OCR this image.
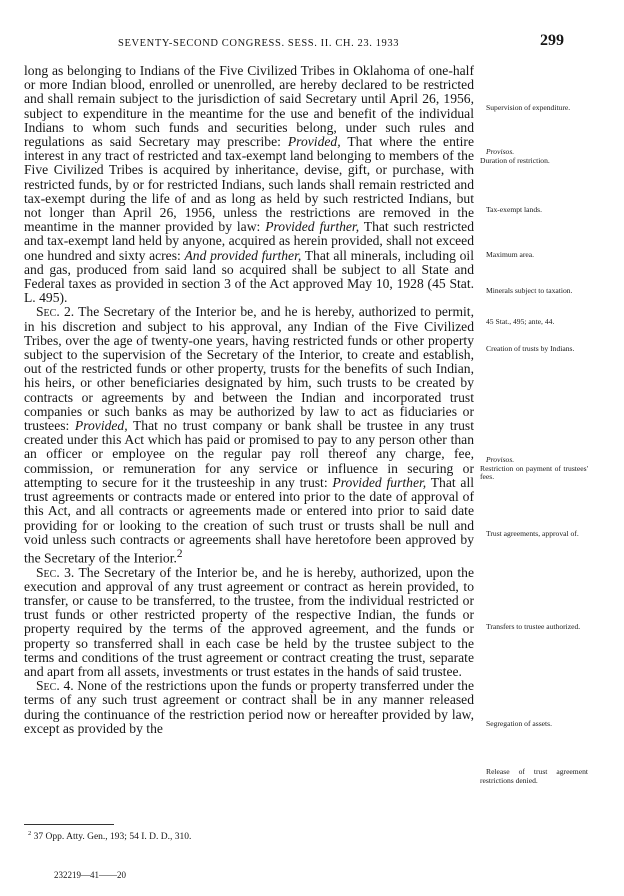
SEVENTY-SECOND CONGRESS. SESS. II. CH. 23. 1933	299

long as belonging to Indians of the Five Civilized Tribes in Oklahoma of one-half or more Indian blood, enrolled or unenrolled, are hereby declared to be restricted and shall remain subject to the jurisdiction of said Secretary until April 26, 1956, subject to expenditure in the meantime for the use and benefit of the individual Indians to whom such funds and securities belong, under such rules and regulations as said Secretary may prescribe: Provided, That where the entire interest in any tract of restricted and tax-exempt land belonging to members of the Five Civilized Tribes is acquired by inheritance, devise, gift, or purchase, with restricted funds, by or for restricted Indians, such lands shall remain restricted and tax-exempt during the life of and as long as held by such restricted Indians, but not longer than April 26, 1956, unless the restrictions are removed in the meantime in the manner provided by law: Provided further, That such restricted and tax-exempt land held by anyone, acquired as herein provided, shall not exceed one hundred and sixty acres: And provided further, That all minerals, including oil and gas, produced from said land so acquired shall be subject to all State and Federal taxes as provided in section 3 of the Act approved May 10, 1928 (45 Stat. L. 495).

Sec. 2. The Secretary of the Interior be, and he is hereby, authorized to permit, in his discretion and subject to his approval, any Indian of the Five Civilized Tribes, over the age of twenty-one years, having restricted funds or other property subject to the supervision of the Secretary of the Interior, to create and establish, out of the restricted funds or other property, trusts for the benefits of such Indian, his heirs, or other beneficiaries designated by him, such trusts to be created by contracts or agreements by and between the Indian and incorporated trust companies or such banks as may be authorized by law to act as fiduciaries or trustees: Provided, That no trust company or bank shall be trustee in any trust created under this Act which has paid or promised to pay to any person other than an officer or employee on the regular pay roll thereof any charge, fee, commission, or remuneration for any service or influence in securing or attempting to secure for it the trusteeship in any trust: Provided further, That all trust agreements or contracts made or entered into prior to the date of approval of this Act, and all contracts or agreements made or entered into prior to said date providing for or looking to the creation of such trust or trusts shall be null and void unless such contracts or agreements shall have heretofore been approved by the Secretary of the Interior.$^2$

Sec. 3. The Secretary of the Interior be, and he is hereby, authorized, upon the execution and approval of any trust agreement or contract as herein provided, to transfer, or cause to be transferred, to the trustee, from the individual restricted or trust funds or other restricted property of the respective Indian, the funds or property required by the terms of the approved agreement, and the funds or property so transferred shall in each case be held by the trustee subject to the terms and conditions of the trust agreement or contract creating the trust, separate and apart from all assets, investments or trust estates in the hands of said trustee.

Sec. 4. None of the restrictions upon the funds or property transferred under the terms of any such trust agreement or contract shall be in any manner released during the continuance of the restriction period now or hereafter provided by law, except as provided by the

Supervision of expenditure.
Provisos.
Duration of restriction.
Tax-exempt lands.
Maximum area.
Minerals subject to taxation.
45 Stat., 495; ante, 44.
Creation of trusts by Indians.
Provisos.
Restriction on payment of trustees' fees.
Trust agreements, approval of.
Transfers to trustee authorized.
Segregation of assets.
Release of trust agreement restrictions denied.
$^2$ 37 Opp. Atty. Gen., 193; 54 I. D. D., 310.
232219—41——20
